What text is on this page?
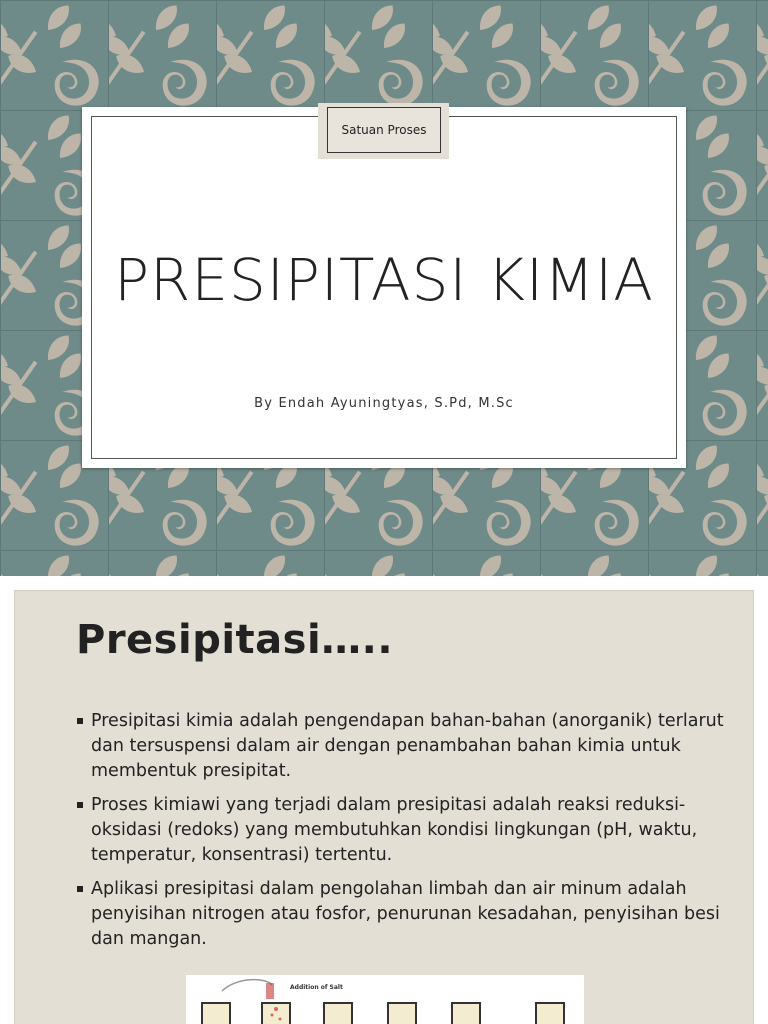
Satuan Proses
PRESIPITASI KIMIA

By Endah Ayuningtyas, S.Pd, M.Sc

Presipitasi…..
Presipitasi kimia adalah pengendapan bahan-bahan (anorganik) terlarut dan tersuspensi dalam air dengan penambahan bahan kimia untuk membentuk presipitat.
Proses kimiawi yang terjadi dalam presipitasi adalah reaksi reduksi-oksidasi (redoks) yang membutuhkan kondisi lingkungan (pH, waktu, temperatur, konsentrasi) tertentu.
Aplikasi presipitasi dalam pengolahan limbah dan air minum adalah penyisihan nitrogen atau fosfor, penurunan kesadahan, penyisihan besi dan mangan.
Addition of Salt
